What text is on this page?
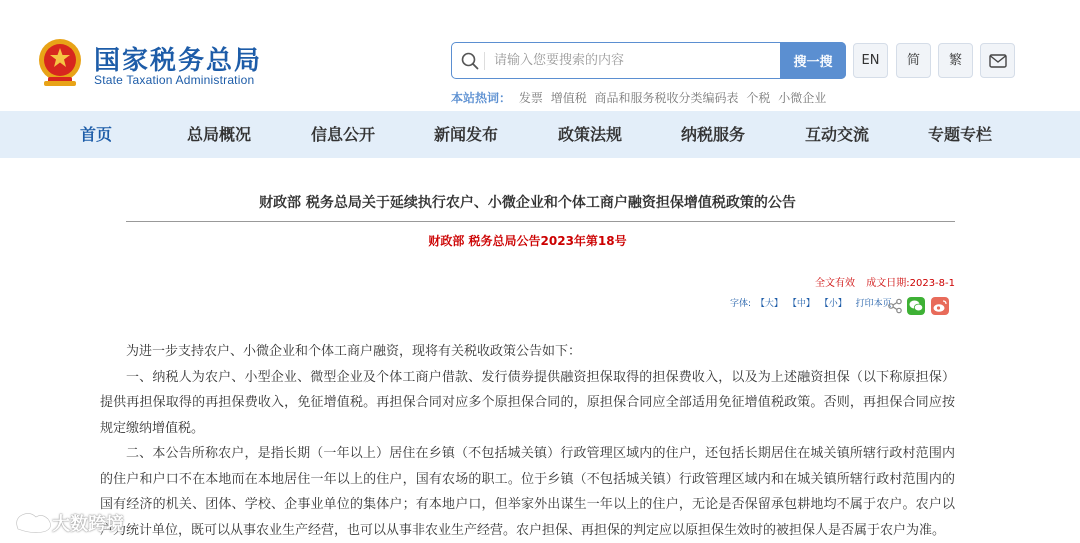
国家税务总局
State Taxation Administration
请输入您要搜索的内容
搜一搜	EN	简	繁
本站热词： 发票 增值税 商品和服务税收分类编码表 个税 小微企业
首页	总局概况	信息公开	新闻发布	政策法规	纳税服务	互动交流	专题专栏
财政部 税务总局关于延续执行农户、小微企业和个体工商户融资担保增值税政策的公告
财政部 税务总局公告2023年第18号
全文有效 成文日期:2023-8-1
字体: 【大】 【中】 【小】 打印本页

为进一步支持农户、小微企业和个体工商户融资，现将有关税收政策公告如下：

一、纳税人为农户、小型企业、微型企业及个体工商户借款、发行债券提供融资担保取得的担保费收入，以及为上述融资担保（以下称原担保）提供再担保取得的再担保费收入，免征增值税。再担保合同对应多个原担保合同的，原担保合同应全部适用免征增值税政策。否则，再担保合同应按规定缴纳增值税。

二、本公告所称农户，是指长期（一年以上）居住在乡镇（不包括城关镇）行政管理区域内的住户，还包括长期居住在城关镇所辖行政村范围内的住户和户口不在本地而在本地居住一年以上的住户，国有农场的职工。位于乡镇（不包括城关镇）行政管理区域内和在城关镇所辖行政村范围内的国有经济的机关、团体、学校、企事业单位的集体户；有本地户口，但举家外出谋生一年以上的住户，无论是否保留承包耕地均不属于农户。农户以户为统计单位，既可以从事农业生产经营，也可以从事非农业生产经营。农户担保、再担保的判定应以原担保生效时的被担保人是否属于农户为准。

大数跨境
